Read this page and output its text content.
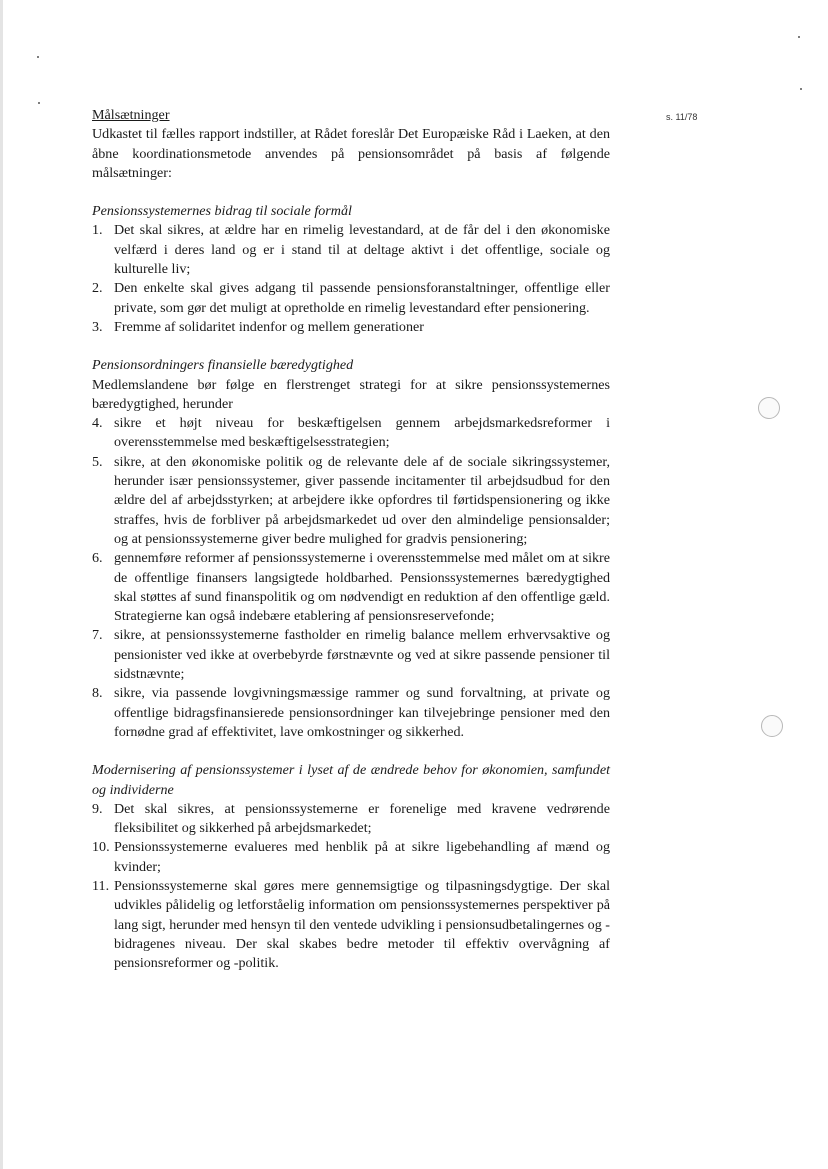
s. 11/78

Målsætninger

Udkastet til fælles rapport indstiller, at Rådet foreslår Det Europæiske Råd i Laeken, at den åbne koordinationsmetode anvendes på pensionsområdet på basis af følgende målsætninger:

Pensionssystemernes bidrag til sociale formål

1. Det skal sikres, at ældre har en rimelig levestandard, at de får del i den økonomiske velfærd i deres land og er i stand til at deltage aktivt i det offentlige, sociale og kulturelle liv;
2. Den enkelte skal gives adgang til passende pensionsforanstaltninger, offentlige eller private, som gør det muligt at opretholde en rimelig levestandard efter pensionering.
3. Fremme af solidaritet indenfor og mellem generationer

Pensionsordningers finansielle bæredygtighed

Medlemslandene bør følge en flerstrenget strategi for at sikre pensionssystemernes bæredygtighed, herunder

4. sikre et højt niveau for beskæftigelsen gennem arbejdsmarkedsreformer i overensstemmelse med beskæftigelsesstrategien;
5. sikre, at den økonomiske politik og de relevante dele af de sociale sikringssystemer, herunder især pensionssystemer, giver passende incitamenter til arbejdsudbud for den ældre del af arbejdsstyrken; at arbejdere ikke opfordres til førtidspensionering og ikke straffes, hvis de forbliver på arbejdsmarkedet ud over den almindelige pensionsalder; og at pensionssystemerne giver bedre mulighed for gradvis pensionering;
6. gennemføre reformer af pensionssystemerne i overensstemmelse med målet om at sikre de offentlige finansers langsigtede holdbarhed. Pensionssystemernes bæredygtighed skal støttes af sund finanspolitik og om nødvendigt en reduktion af den offentlige gæld. Strategierne kan også indebære etablering af pensionsreservefonde;
7. sikre, at pensionssystemerne fastholder en rimelig balance mellem erhvervsaktive og pensionister ved ikke at overbebyrde førstnævnte og ved at sikre passende pensioner til sidstnævnte;
8. sikre, via passende lovgivningsmæssige rammer og sund forvaltning, at private og offentlige bidragsfinansierede pensionsordninger kan tilvejebringe pensioner med den fornødne grad af effektivitet, lave omkostninger og sikkerhed.

Modernisering af pensionssystemer i lyset af de ændrede behov for økonomien, samfundet og individerne

9. Det skal sikres, at pensionssystemerne er forenelige med kravene vedrørende fleksibilitet og sikkerhed på arbejdsmarkedet;
10. Pensionssystemerne evalueres med henblik på at sikre ligebehandling af mænd og kvinder;
11. Pensionssystemerne skal gøres mere gennemsigtige og tilpasningsdygtige. Der skal udvikles pålidelig og letforståelig information om pensionssystemernes perspektiver på lang sigt, herunder med hensyn til den ventede udvikling i pensionsudbetalingernes og -bidragenes niveau. Der skal skabes bedre metoder til effektiv overvågning af pensionsreformer og -politik.
